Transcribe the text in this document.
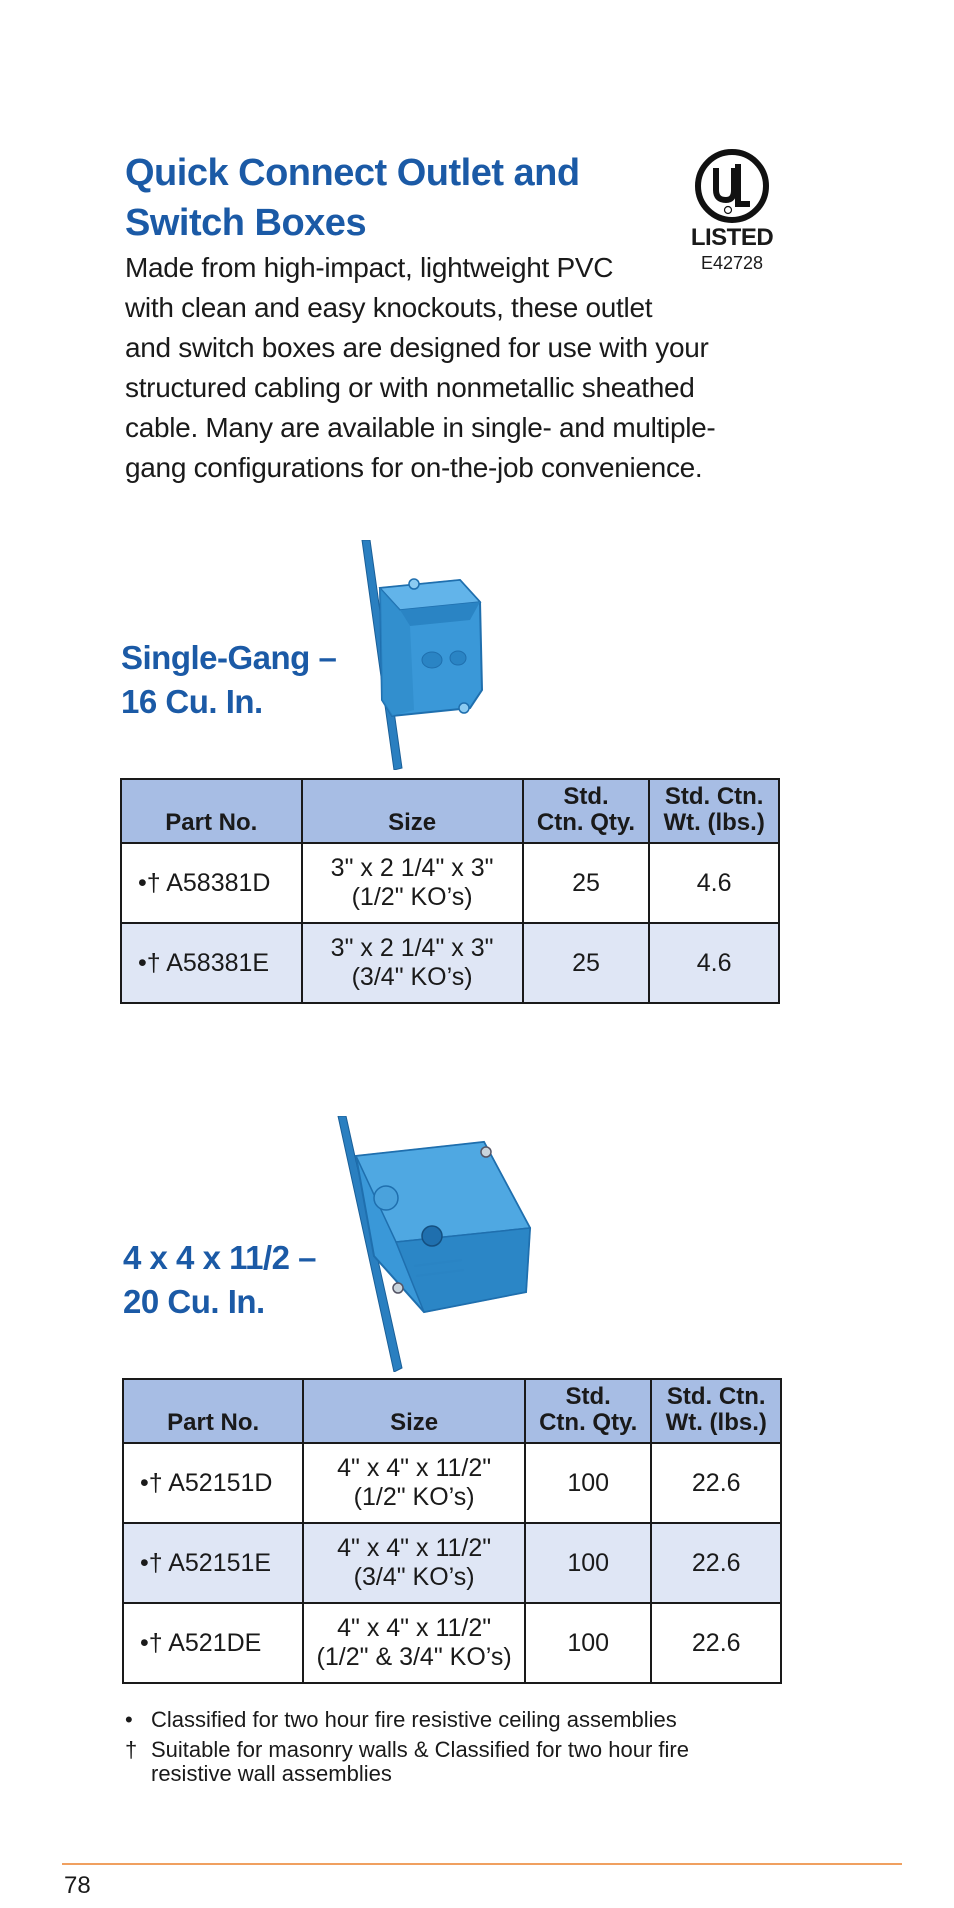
Quick Connect Outlet and
Switch Boxes	LISTED
E42728

Made from high-impact, lightweight PVC
with clean and easy knockouts, these outlet
and switch boxes are designed for use with your
structured cabling or with nonmetallic sheathed
cable. Many are available in single- and multiple-
gang configurations for on-the-job convenience.

Single-Gang –
16 Cu. In.
Part No.	Size	Std.
Ctn. Qty.	Std. Ctn.
Wt. (lbs.)

•† A58381D	3" x 2 1/4" x 3"
(1/2" KO’s)	25	4.6
•† A58381E	3" x 2 1/4" x 3"
(3/4" KO’s)	25	4.6
4 x 4 x 11/2 –
20 Cu. In.
Part No.	Size	Std.
Ctn. Qty.	Std. Ctn.
Wt. (lbs.)

•† A52151D	4" x 4" x 11/2"
(1/2" KO’s)	100	22.6
•† A52151E	4" x 4" x 11/2"
(3/4" KO’s)	100	22.6
•† A521DE	4" x 4" x 11/2"
(1/2" & 3/4" KO’s)	100	22.6
• Classified for two hour fire resistive ceiling assemblies
† Suitable for masonry walls & Classified for two hour fire
resistive wall assemblies
78
